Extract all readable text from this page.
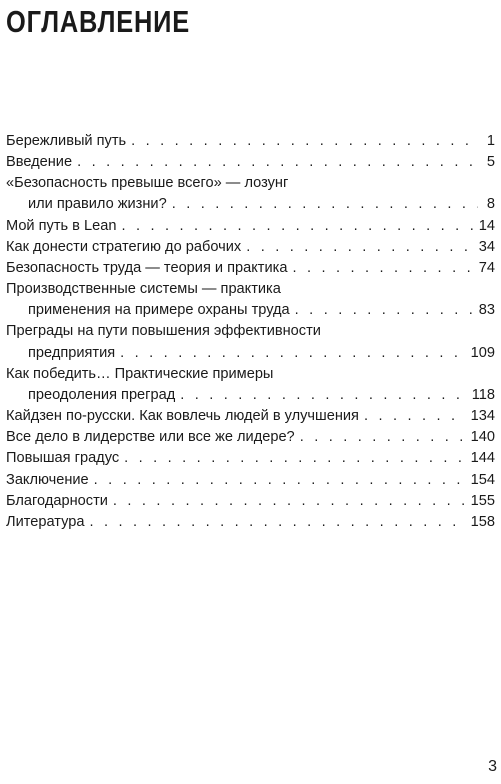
ОГЛАВЛЕНИЕ
Бережливый путь . . .	1
Введение . . .	5
«Безопасность превыше всего» — лозунг
или правило жизни? . . .	8
Мой путь в Lean . . .	14
Как донести стратегию до рабочих . . .	34
Безопасность труда — теория и практика . . .	74
Производственные системы — практика
применения на примере охраны труда . . .	83
Преграды на пути повышения эффективности
предприятия . . .	109
Как победить… Практические примеры
преодоления преград . . .	118
Кайдзен по-русски. Как вовлечь людей в улучшения . . .	134
Все дело в лидерстве или все же лидере? . . .	140
Повышая градус . . .	144
Заключение . . .	154
Благодарности . . .	155
Литература . . .	158
3
